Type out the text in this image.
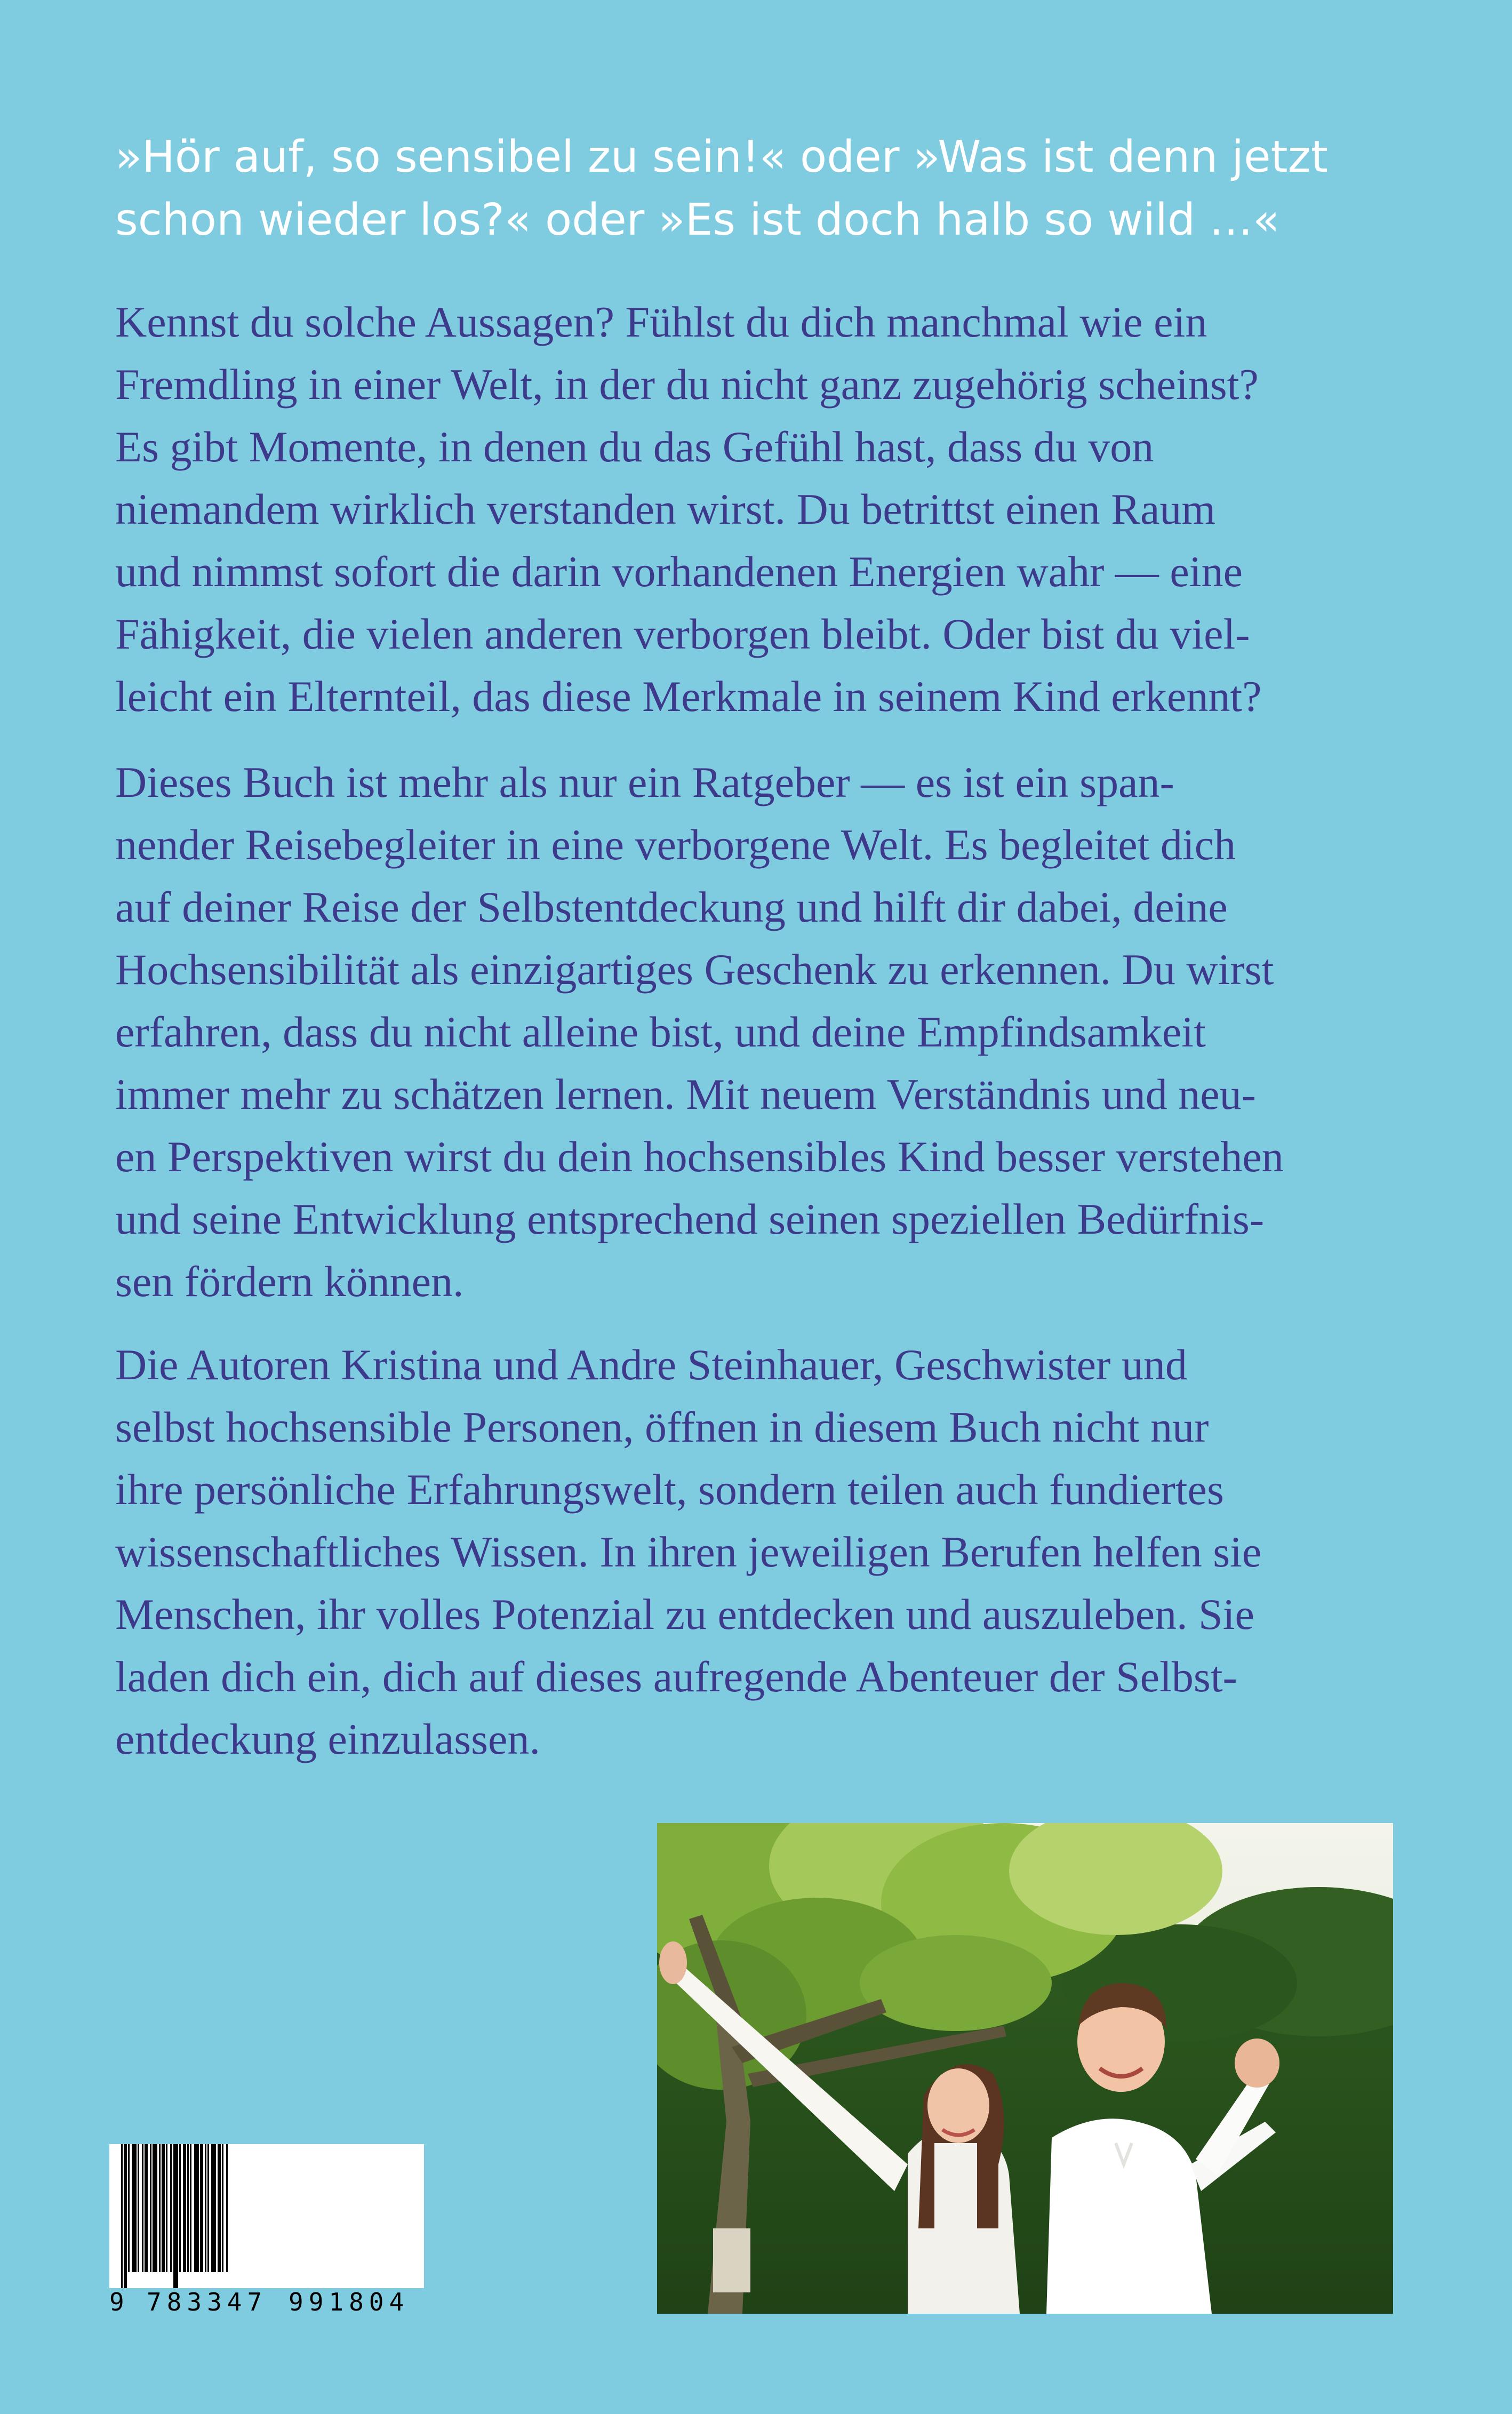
»Hör auf, so sensibel zu sein!« oder »Was ist denn jetzt
schon wieder los?« oder »Es ist doch halb so wild …«
Kennst du solche Aussagen? Fühlst du dich manchmal wie ein
Fremdling in einer Welt, in der du nicht ganz zugehörig scheinst?
Es gibt Momente, in denen du das Gefühl hast, dass du von
niemandem wirklich verstanden wirst. Du betrittst einen Raum
und nimmst sofort die darin vorhandenen Energien wahr — eine
Fähigkeit, die vielen anderen verborgen bleibt. Oder bist du viel-
leicht ein Elternteil, das diese Merkmale in seinem Kind erkennt?
Dieses Buch ist mehr als nur ein Ratgeber — es ist ein span-
nender Reisebegleiter in eine verborgene Welt. Es begleitet dich
auf deiner Reise der Selbstentdeckung und hilft dir dabei, deine
Hochsensibilität als einzigartiges Geschenk zu erkennen. Du wirst
erfahren, dass du nicht alleine bist, und deine Empfindsamkeit
immer mehr zu schätzen lernen. Mit neuem Verständnis und neu-
en Perspektiven wirst du dein hochsensibles Kind besser verstehen
und seine Entwicklung entsprechend seinen speziellen Bedürfnis-
sen fördern können.
Die Autoren Kristina und Andre Steinhauer, Geschwister und
selbst hochsensible Personen, öffnen in diesem Buch nicht nur
ihre persönliche Erfahrungswelt, sondern teilen auch fundiertes
wissenschaftliches Wissen. In ihren jeweiligen Berufen helfen sie
Menschen, ihr volles Potenzial zu entdecken und auszuleben. Sie
laden dich ein, dich auf dieses aufregende Abenteuer der Selbst-
entdeckung einzulassen.

9

783347

991804
